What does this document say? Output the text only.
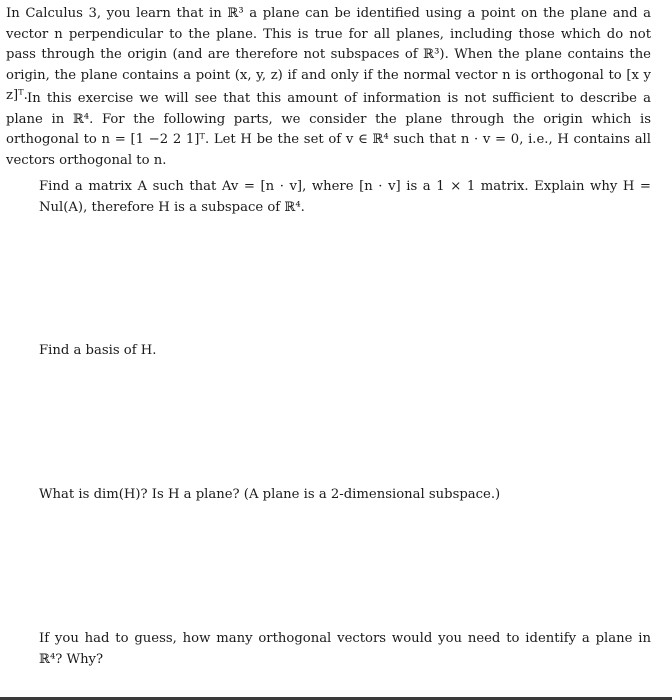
In Calculus 3, you learn that in ℝ³ a plane can be identified using a point on the plane and a vector n perpendicular to the plane. This is true for all planes, including those which do not pass through the origin (and are therefore not subspaces of ℝ³). When the plane contains the origin, the plane contains a point (x, y, z) if and only if the normal vector n is orthogonal to [x y z]ᵀ. In this exercise we will see that this amount of information is not sufficient to describe a plane in ℝ⁴. For the following parts, we consider the plane through the origin which is orthogonal to n = [1 −2 2 1]ᵀ. Let H be the set of v ∈ ℝ⁴ such that n · v = 0, i.e., H contains all vectors orthogonal to n.

Find a matrix A such that Av = [n · v], where [n · v] is a 1 × 1 matrix. Explain why H = Nul(A), therefore H is a subspace of ℝ⁴.

Find a basis of H.

What is dim(H)? Is H a plane? (A plane is a 2-dimensional subspace.)

If you had to guess, how many orthogonal vectors would you need to identify a plane in ℝ⁴? Why?
